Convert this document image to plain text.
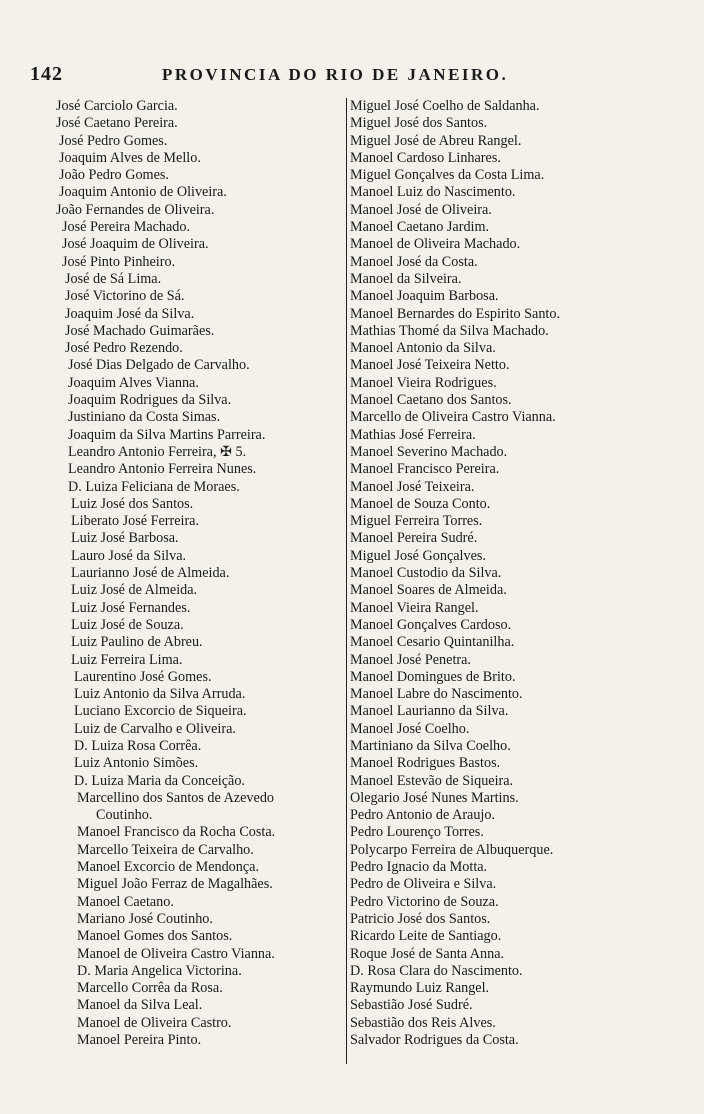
142	PROVINCIA DO RIO DE JANEIRO.
José Carciolo Garcia.
José Caetano Pereira.
José Pedro Gomes.
Joaquim Alves de Mello.
João Pedro Gomes.
Joaquim Antonio de Oliveira.
João Fernandes de Oliveira.
José Pereira Machado.
José Joaquim de Oliveira.
José Pinto Pinheiro.
José de Sá Lima.
José Victorino de Sá.
Joaquim José da Silva.
José Machado Guimarães.
José Pedro Rezendo.
José Dias Delgado de Carvalho.
Joaquim Alves Vianna.
Joaquim Rodrigues da Silva.
Justiniano da Costa Simas.
Joaquim da Silva Martins Parreira.
Leandro Antonio Ferreira, ✠ 5.
Leandro Antonio Ferreira Nunes.
D. Luiza Feliciana de Moraes.
Luiz José dos Santos.
Liberato José Ferreira.
Luiz José Barbosa.
Lauro José da Silva.
Laurianno José de Almeida.
Luiz José de Almeida.
Luiz José Fernandes.
Luiz José de Souza.
Luiz Paulino de Abreu.
Luiz Ferreira Lima.
Laurentino José Gomes.
Luiz Antonio da Silva Arruda.
Luciano Excorcio de Siqueira.
Luiz de Carvalho e Oliveira.
D. Luiza Rosa Corrêa.
Luiz Antonio Simões.
D. Luiza Maria da Conceição.
Marcellino dos Santos de Azevedo
Coutinho.
Manoel Francisco da Rocha Costa.
Marcello Teixeira de Carvalho.
Manoel Excorcio de Mendonça.
Miguel João Ferraz de Magalhães.
Manoel Caetano.
Mariano José Coutinho.
Manoel Gomes dos Santos.
Manoel de Oliveira Castro Vianna.
D. Maria Angelica Victorina.
Marcello Corrêa da Rosa.
Manoel da Silva Leal.
Manoel de Oliveira Castro.
Manoel Pereira Pinto.
Miguel José Coelho de Saldanha.
Miguel José dos Santos.
Miguel José de Abreu Rangel.
Manoel Cardoso Linhares.
Miguel Gonçalves da Costa Lima.
Manoel Luiz do Nascimento.
Manoel José de Oliveira.
Manoel Caetano Jardim.
Manoel de Oliveira Machado.
Manoel José da Costa.
Manoel da Silveira.
Manoel Joaquim Barbosa.
Manoel Bernardes do Espirito Santo.
Mathias Thomé da Silva Machado.
Manoel Antonio da Silva.
Manoel José Teixeira Netto.
Manoel Vieira Rodrigues.
Manoel Caetano dos Santos.
Marcello de Oliveira Castro Vianna.
Mathias José Ferreira.
Manoel Severino Machado.
Manoel Francisco Pereira.
Manoel José Teixeira.
Manoel de Souza Conto.
Miguel Ferreira Torres.
Manoel Pereira Sudré.
Miguel José Gonçalves.
Manoel Custodio da Silva.
Manoel Soares de Almeida.
Manoel Vieira Rangel.
Manoel Gonçalves Cardoso.
Manoel Cesario Quintanilha.
Manoel José Penetra.
Manoel Domingues de Brito.
Manoel Labre do Nascimento.
Manoel Laurianno da Silva.
Manoel José Coelho.
Martiniano da Silva Coelho.
Manoel Rodrigues Bastos.
Manoel Estevão de Siqueira.
Olegario José Nunes Martins.
Pedro Antonio de Araujo.
Pedro Lourenço Torres.
Polycarpo Ferreira de Albuquerque.
Pedro Ignacio da Motta.
Pedro de Oliveira e Silva.
Pedro Victorino de Souza.
Patricio José dos Santos.
Ricardo Leite de Santiago.
Roque José de Santa Anna.
D. Rosa Clara do Nascimento.
Raymundo Luiz Rangel.
Sebastião José Sudré.
Sebastião dos Reis Alves.
Salvador Rodrigues da Costa.
